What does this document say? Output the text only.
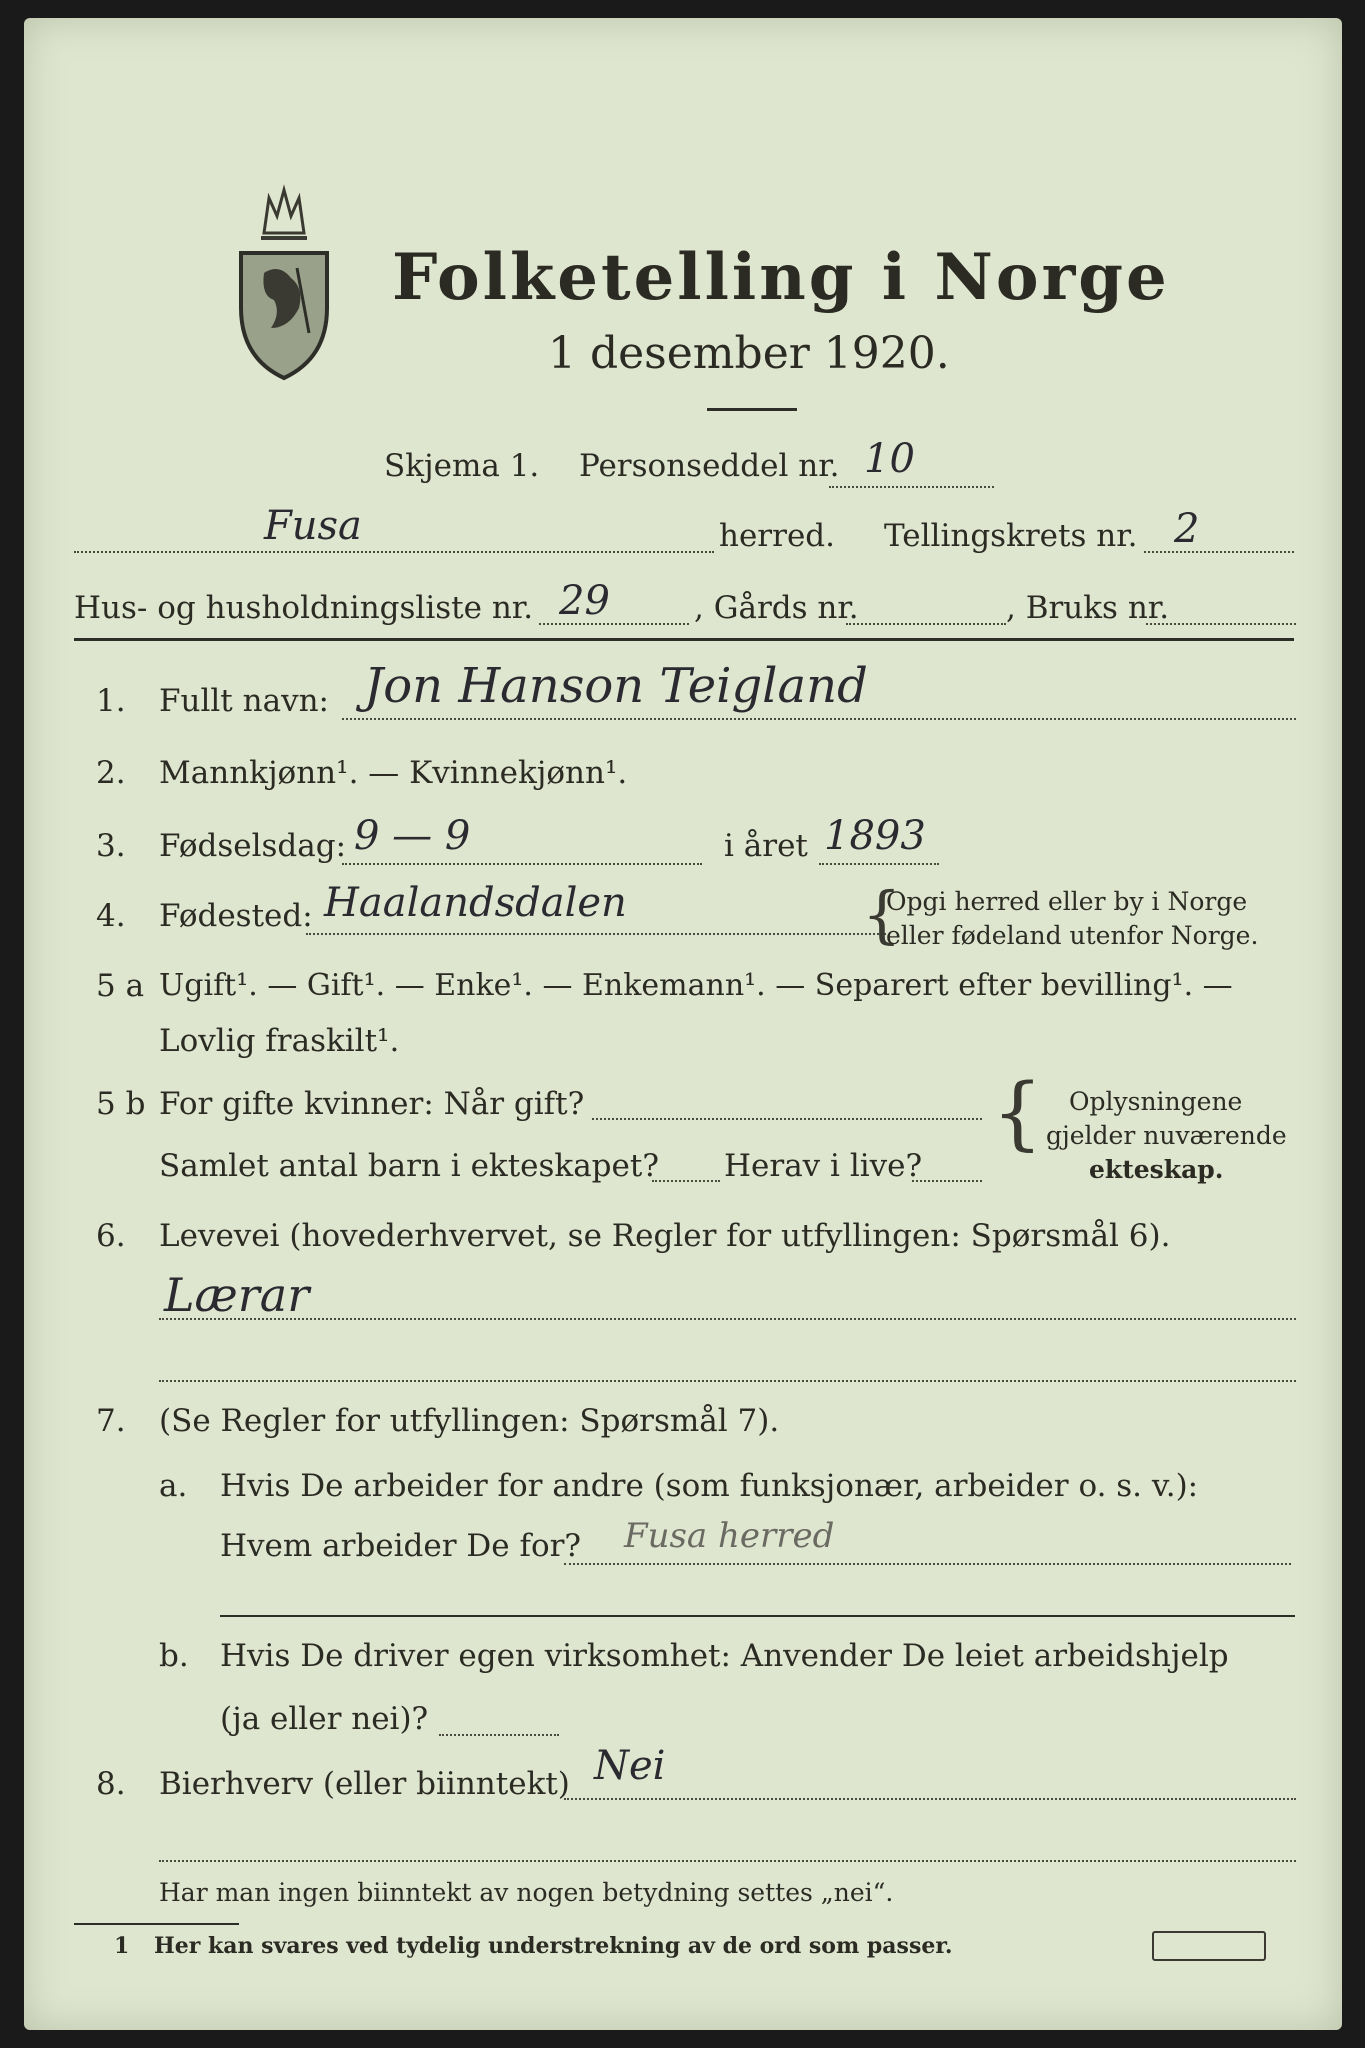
Folketelling i Norge
1 desember 1920.
Skjema 1. Personseddel nr. 10
Fusa	herred. Tellingskrets nr. 2
Hus- og husholdningsliste nr. 29	, Gårds nr.	, Bruks nr.
1. Fullt navn: Jon Hanson Teigland
2. Mannkjønn¹. — Kvinnekjønn¹.
3. Fødselsdag: 9 — 9	i året 1893
4. Fødested: Haalandsdalen	{
Opgi herred eller by i Norge
eller fødeland utenfor Norge.
5 a Ugift¹. — Gift¹. — Enke¹. — Enkemann¹. — Separert efter bevilling¹. —
Lovlig fraskilt¹.
5 b For gifte kvinner: Når gift?
Samlet antal barn i ekteskapet? Herav i live?
{ Oplysningene
gjelder nuværende
ekteskap.
6. Levevei (hovederhvervet, se Regler for utfyllingen: Spørsmål 6).
Lærar
7. (Se Regler for utfyllingen: Spørsmål 7).
a. Hvis De arbeider for andre (som funksjonær, arbeider o. s. v.):
Hvem arbeider De for? Fusa herred
b. Hvis De driver egen virksomhet: Anvender De leiet arbeidshjelp
(ja eller nei)?
8. Bierhverv (eller biinntekt) Nei
Har man ingen biinntekt av nogen betydning settes „nei“.
1 Her kan svares ved tydelig understrekning av de ord som passer.
